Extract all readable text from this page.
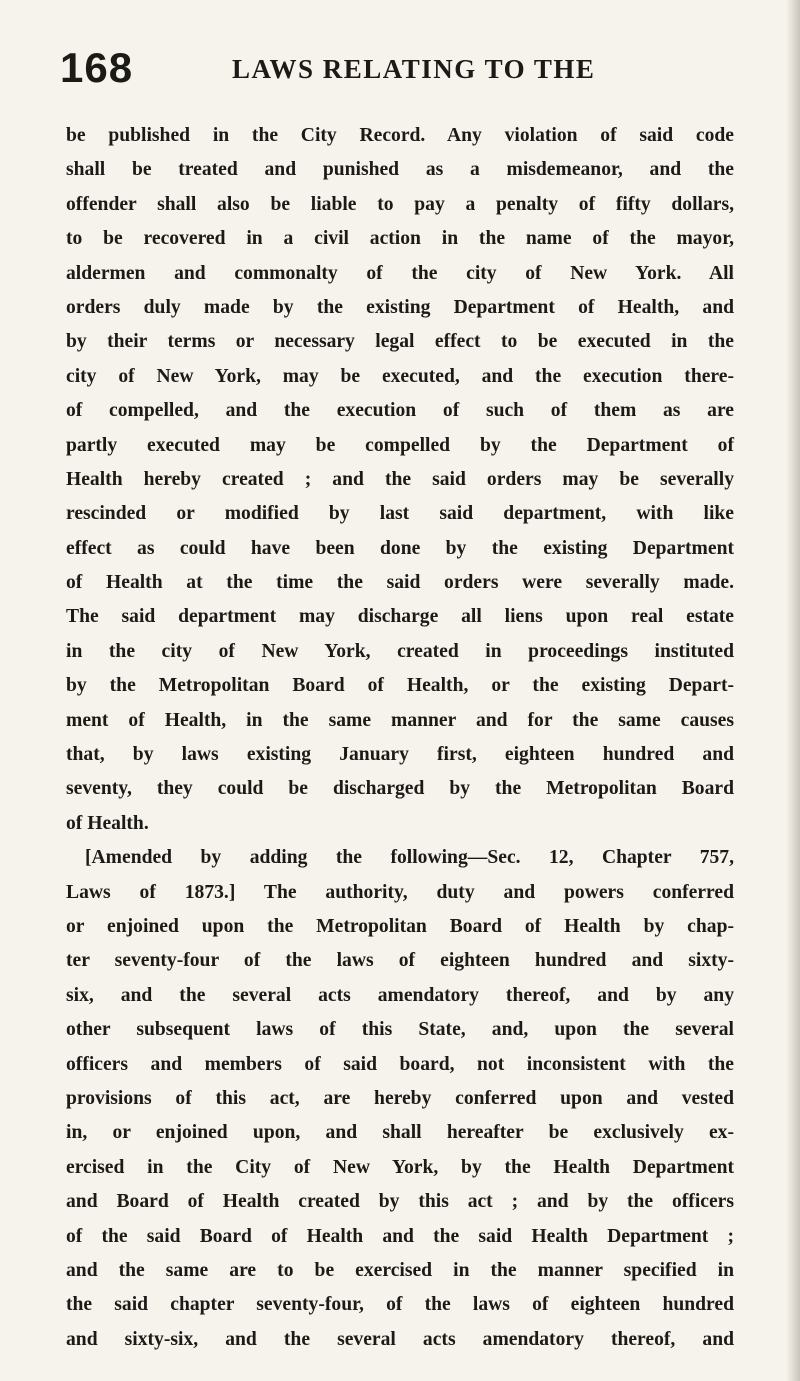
168	LAWS RELATING TO THE
be published in the City Record. Any violation of said code
shall be treated and punished as a misdemeanor, and the
offender shall also be liable to pay a penalty of fifty dollars,
to be recovered in a civil action in the name of the mayor,
aldermen and commonalty of the city of New York. All
orders duly made by the existing Department of Health, and
by their terms or necessary legal effect to be executed in the
city of New York, may be executed, and the execution there-
of compelled, and the execution of such of them as are
partly executed may be compelled by the Department of
Health hereby created ; and the said orders may be severally
rescinded or modified by last said department, with like
effect as could have been done by the existing Department
of Health at the time the said orders were severally made.
The said department may discharge all liens upon real estate
in the city of New York, created in proceedings instituted
by the Metropolitan Board of Health, or the existing Depart-
ment of Health, in the same manner and for the same causes
that, by laws existing January first, eighteen hundred and
seventy, they could be discharged by the Metropolitan Board
of Health.
[Amended by adding the following—Sec. 12, Chapter 757,
Laws of 1873.] The authority, duty and powers conferred
or enjoined upon the Metropolitan Board of Health by chap-
ter seventy-four of the laws of eighteen hundred and sixty-
six, and the several acts amendatory thereof, and by any
other subsequent laws of this State, and, upon the several
officers and members of said board, not inconsistent with the
provisions of this act, are hereby conferred upon and vested
in, or enjoined upon, and shall hereafter be exclusively ex-
ercised in the City of New York, by the Health Department
and Board of Health created by this act ; and by the officers
of the said Board of Health and the said Health Department ;
and the same are to be exercised in the manner specified in
the said chapter seventy-four, of the laws of eighteen hundred
and sixty-six, and the several acts amendatory thereof, and
